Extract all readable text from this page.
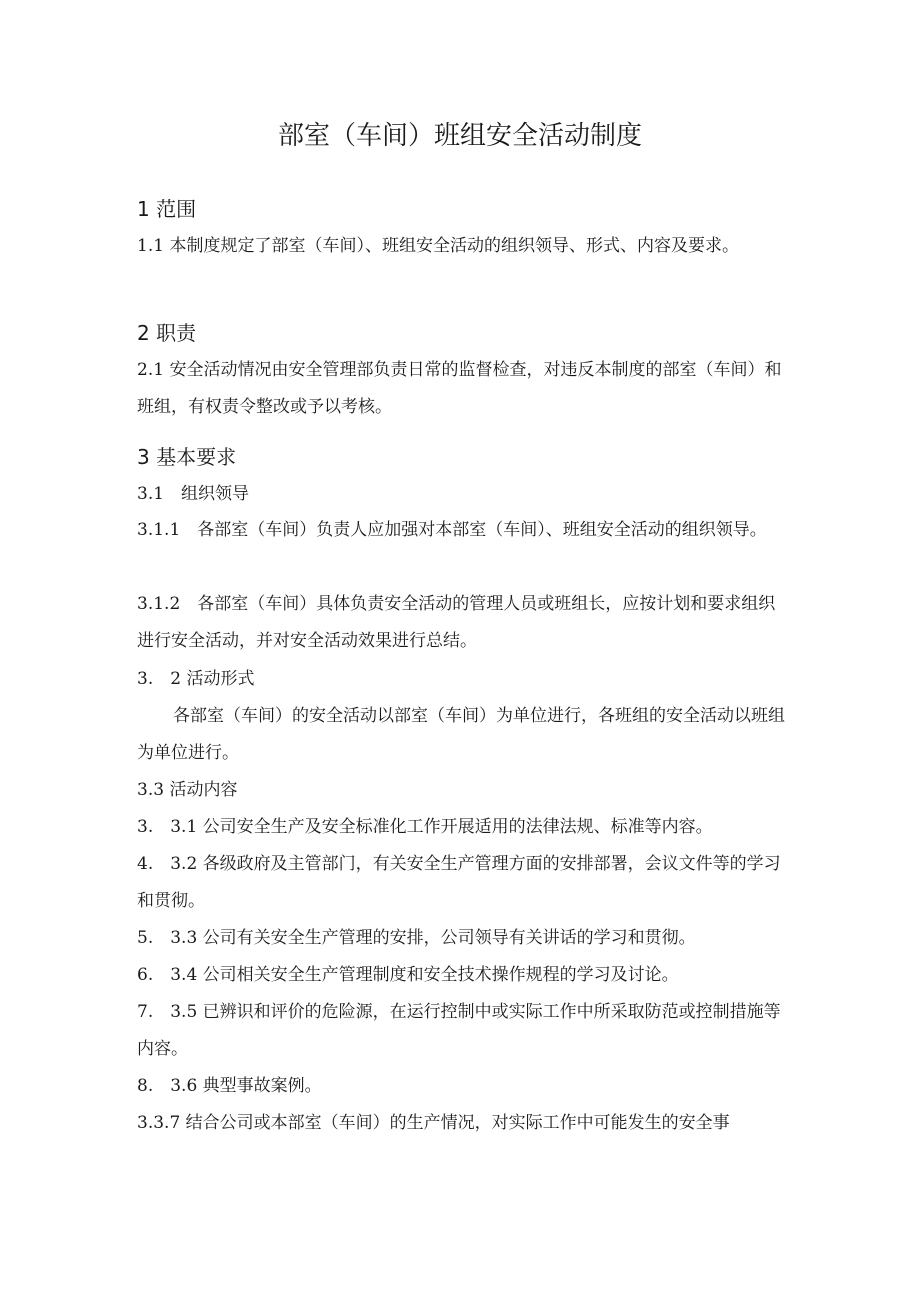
部室（车间）班组安全活动制度
1 范围
1.1 本制度规定了部室（车间）、班组安全活动的组织领导、形式、内容及要求。
2 职责
2.1 安全活动情况由安全管理部负责日常的监督检查，对违反本制度的部室（车间）和班组，有权责令整改或予以考核。
3 基本要求
3.1　组织领导
3.1.1　各部室（车间）负责人应加强对本部室（车间）、班组安全活动的组织领导。
3.1.2　各部室（车间）具体负责安全活动的管理人员或班组长，应按计划和要求组织进行安全活动，并对安全活动效果进行总结。
3.　2 活动形式
各部室（车间）的安全活动以部室（车间）为单位进行，各班组的安全活动以班组为单位进行。
3.3 活动内容
3.　3.1 公司安全生产及安全标准化工作开展适用的法律法规、标准等内容。
4.　3.2 各级政府及主管部门，有关安全生产管理方面的安排部署，会议文件等的学习和贯彻。
5.　3.3 公司有关安全生产管理的安排，公司领导有关讲话的学习和贯彻。
6.　3.4 公司相关安全生产管理制度和安全技术操作规程的学习及讨论。
7.　3.5 已辨识和评价的危险源，在运行控制中或实际工作中所采取防范或控制措施等内容。
8.　3.6 典型事故案例。
3.3.7 结合公司或本部室（车间）的生产情况，对实际工作中可能发生的安全事
